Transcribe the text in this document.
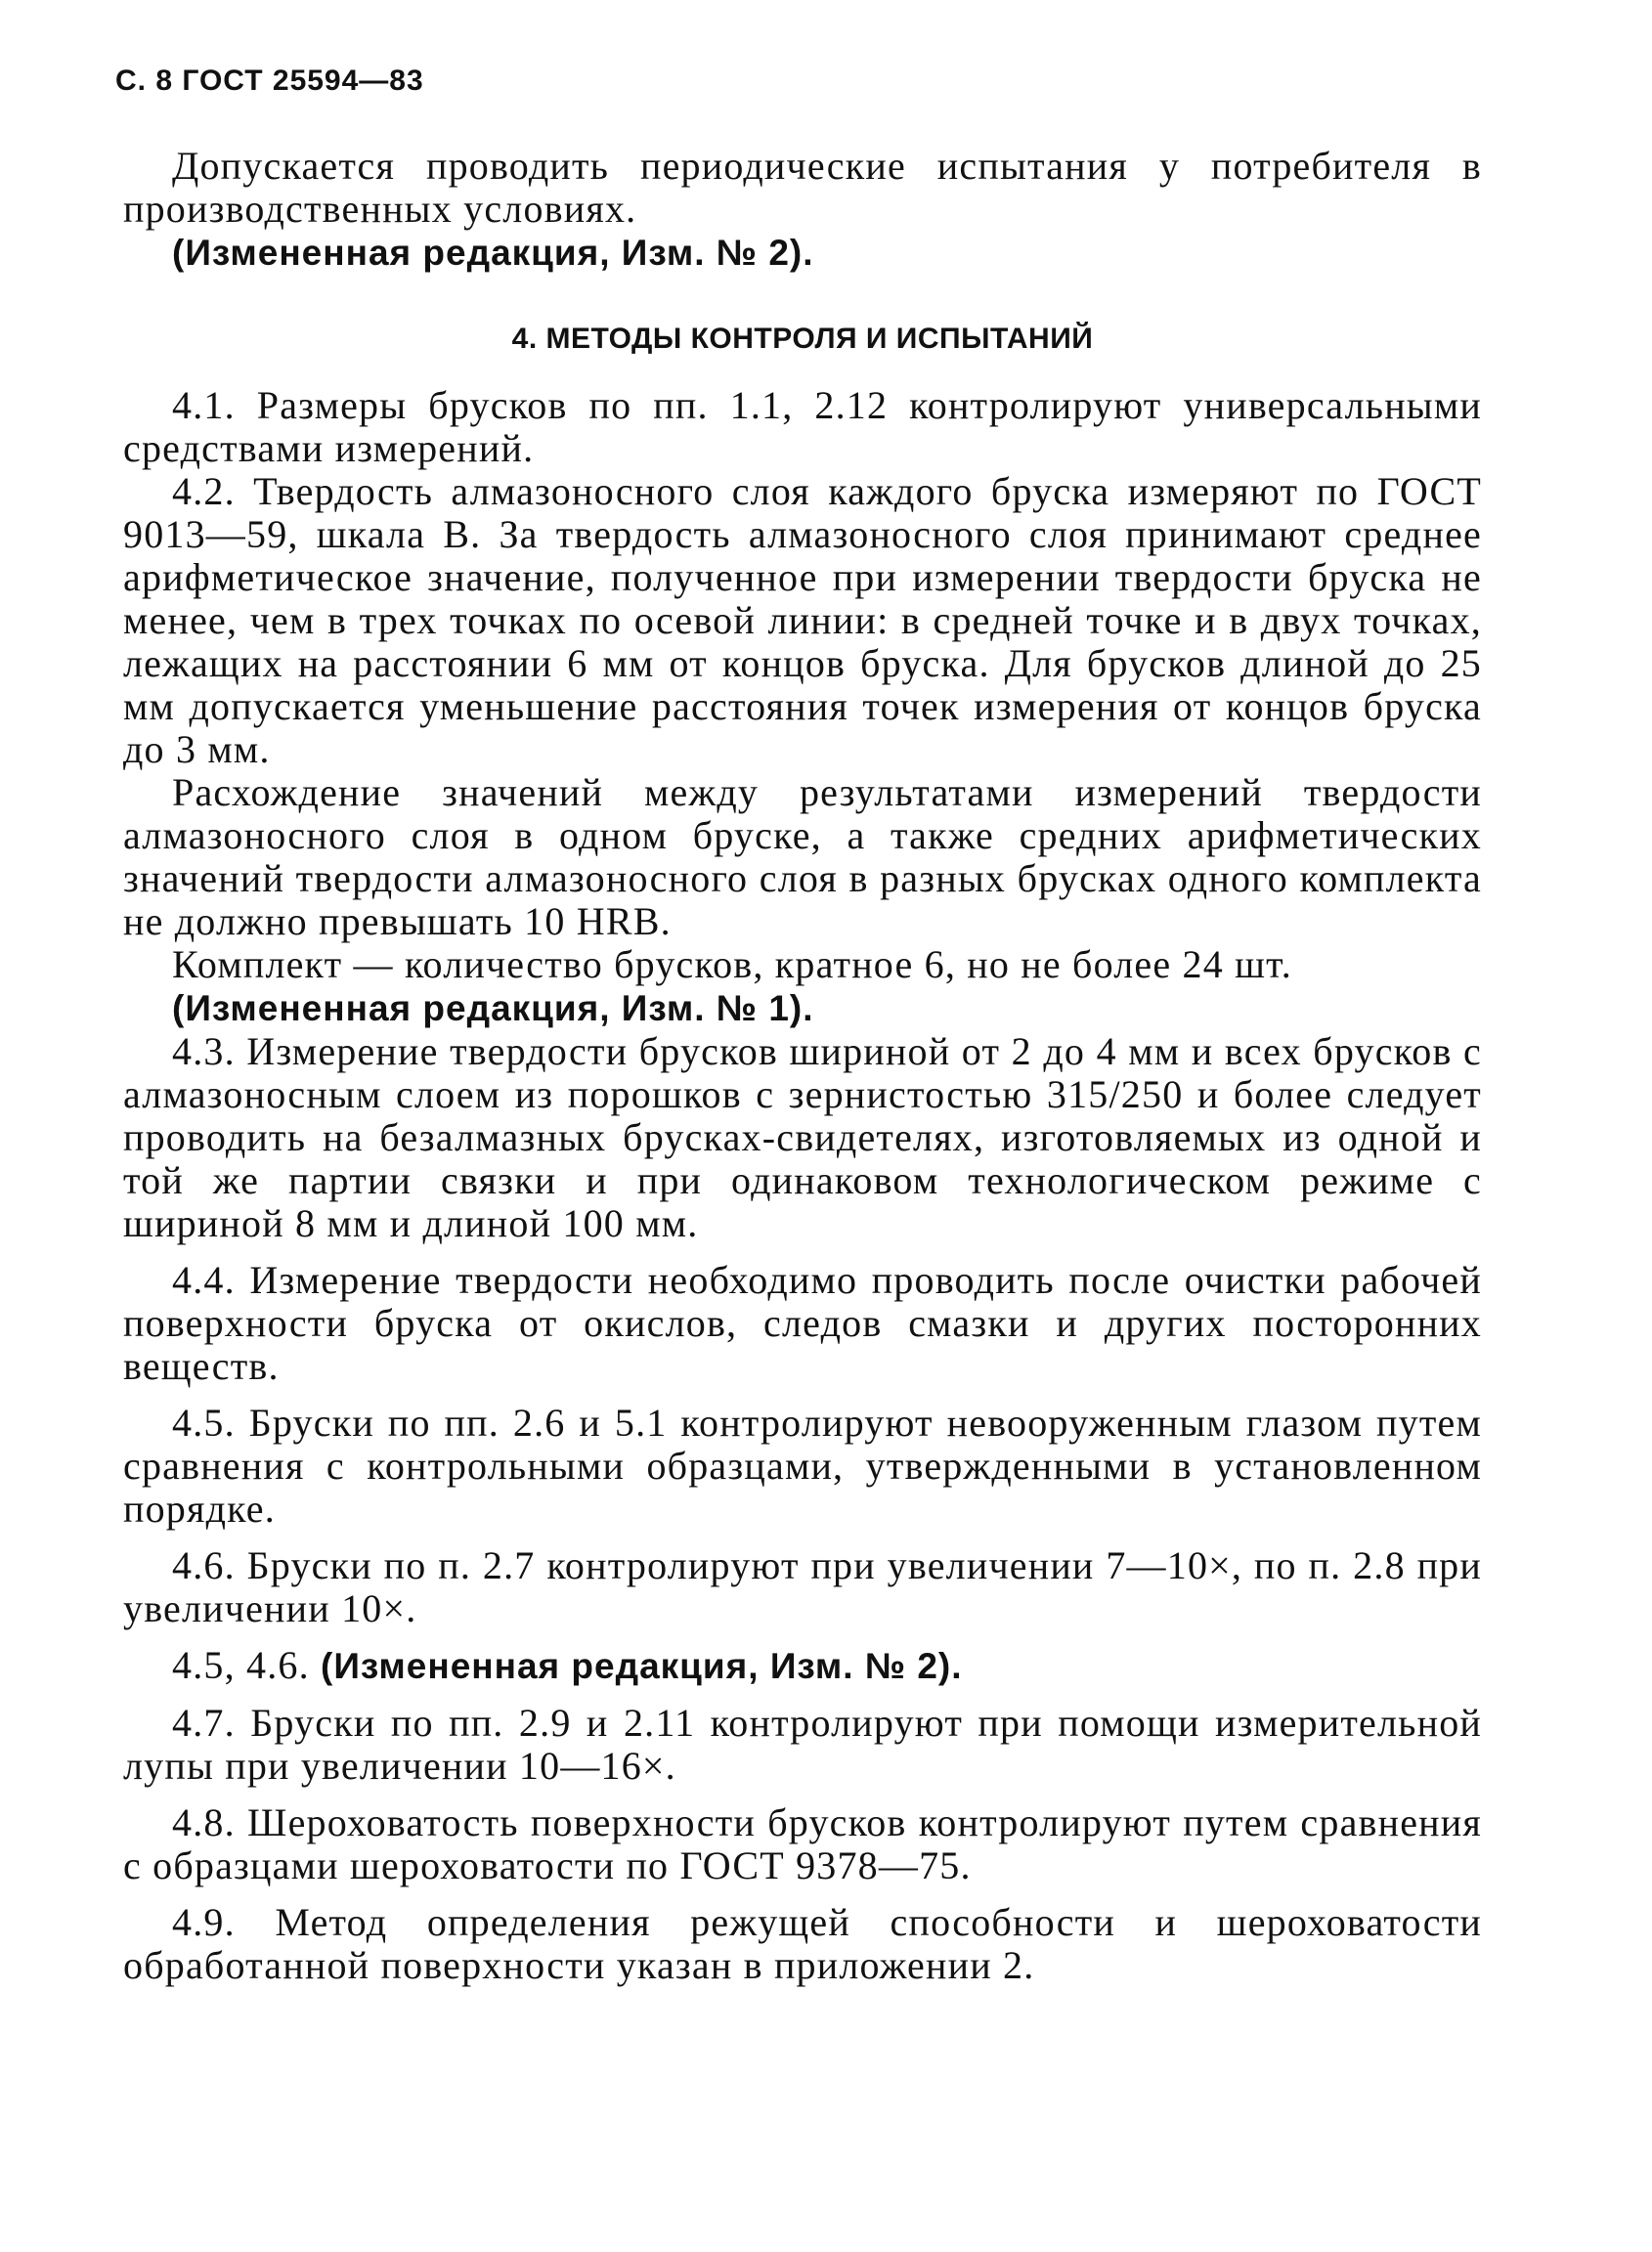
С. 8 ГОСТ 25594—83

Допускается проводить периодические испытания у потребителя в производственных условиях.

(Измененная редакция, Изм. № 2).

4. МЕТОДЫ КОНТРОЛЯ И ИСПЫТАНИЙ

4.1. Размеры брусков по пп. 1.1, 2.12 контролируют универсальными средствами измерений.

4.2. Твердость алмазоносного слоя каждого бруска измеряют по ГОСТ 9013—59, шкала В. За твердость алмазоносного слоя принимают среднее арифметическое значение, полученное при измерении твердости бруска не менее, чем в трех точках по осевой линии: в средней точке и в двух точках, лежащих на расстоянии 6 мм от концов бруска. Для брусков длиной до 25 мм допускается уменьшение расстояния точек измерения от концов бруска до 3 мм.

Расхождение значений между результатами измерений твердости алмазоносного слоя в одном бруске, а также средних арифметических значений твердости алмазоносного слоя в разных брусках одного комплекта не должно превышать 10 HRB.

Комплект — количество брусков, кратное 6, но не более 24 шт.

(Измененная редакция, Изм. № 1).

4.3. Измерение твердости брусков шириной от 2 до 4 мм и всех брусков с алмазоносным слоем из порошков с зернистостью 315/250 и более следует проводить на безалмазных брусках-свидетелях, изготовляемых из одной и той же партии связки и при одинаковом технологическом режиме с шириной 8 мм и длиной 100 мм.

4.4. Измерение твердости необходимо проводить после очистки рабочей поверхности бруска от окислов, следов смазки и других посторонних веществ.

4.5. Бруски по пп. 2.6 и 5.1 контролируют невооруженным глазом путем сравнения с контрольными образцами, утвержденными в установленном порядке.

4.6. Бруски по п. 2.7 контролируют при увеличении 7—10×, по п. 2.8 при увеличении 10×.

4.5, 4.6. (Измененная редакция, Изм. № 2).

4.7. Бруски по пп. 2.9 и 2.11 контролируют при помощи измерительной лупы при увеличении 10—16×.

4.8. Шероховатость поверхности брусков контролируют путем сравнения с образцами шероховатости по ГОСТ 9378—75.

4.9. Метод определения режущей способности и шероховатости обработанной поверхности указан в приложении 2.
